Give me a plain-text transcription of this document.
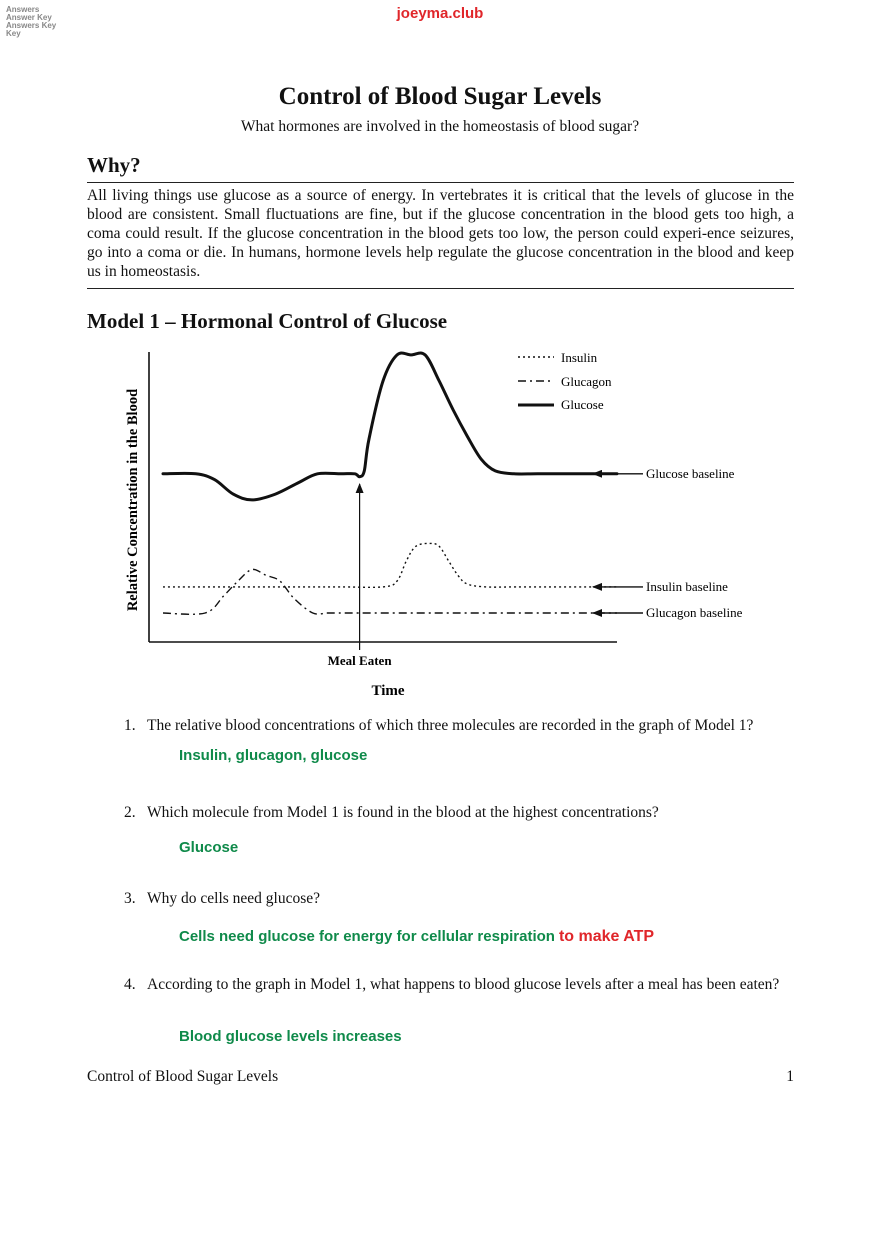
Answers
Answer Key
Answers Key
Key
joeyma.club
Control of Blood Sugar Levels
What hormones are involved in the homeostasis of blood sugar?
Why?

All living things use glucose as a source of energy. In vertebrates it is critical that the levels of glucose in the blood are consistent. Small fluctuations are fine, but if the glucose concentration in the blood gets too high, a coma could result. If the glucose concentration in the blood gets too low, the person could experi-ence seizures, go into a coma or die. In humans, hormone levels help regulate the glucose concentration in the blood and keep us in homeostasis.

Model 1 – Hormonal Control of Glucose
Relative Concentration in the Blood
Time
Meal Eaten
Glucose baseline
Insulin baseline
Glucagon baseline
Insulin
Glucagon
Glucose
1. The relative blood concentrations of which three molecules are recorded in the graph of Model 1?
Insulin, glucagon, glucose
2. Which molecule from Model 1 is found in the blood at the highest concentrations?
Glucose
3. Why do cells need glucose?
Cells need glucose for energy for cellular respiration to make ATP
4. According to the graph in Model 1, what happens to blood glucose levels after a meal has been eaten?
Blood glucose levels increases
Control of Blood Sugar Levels	1
